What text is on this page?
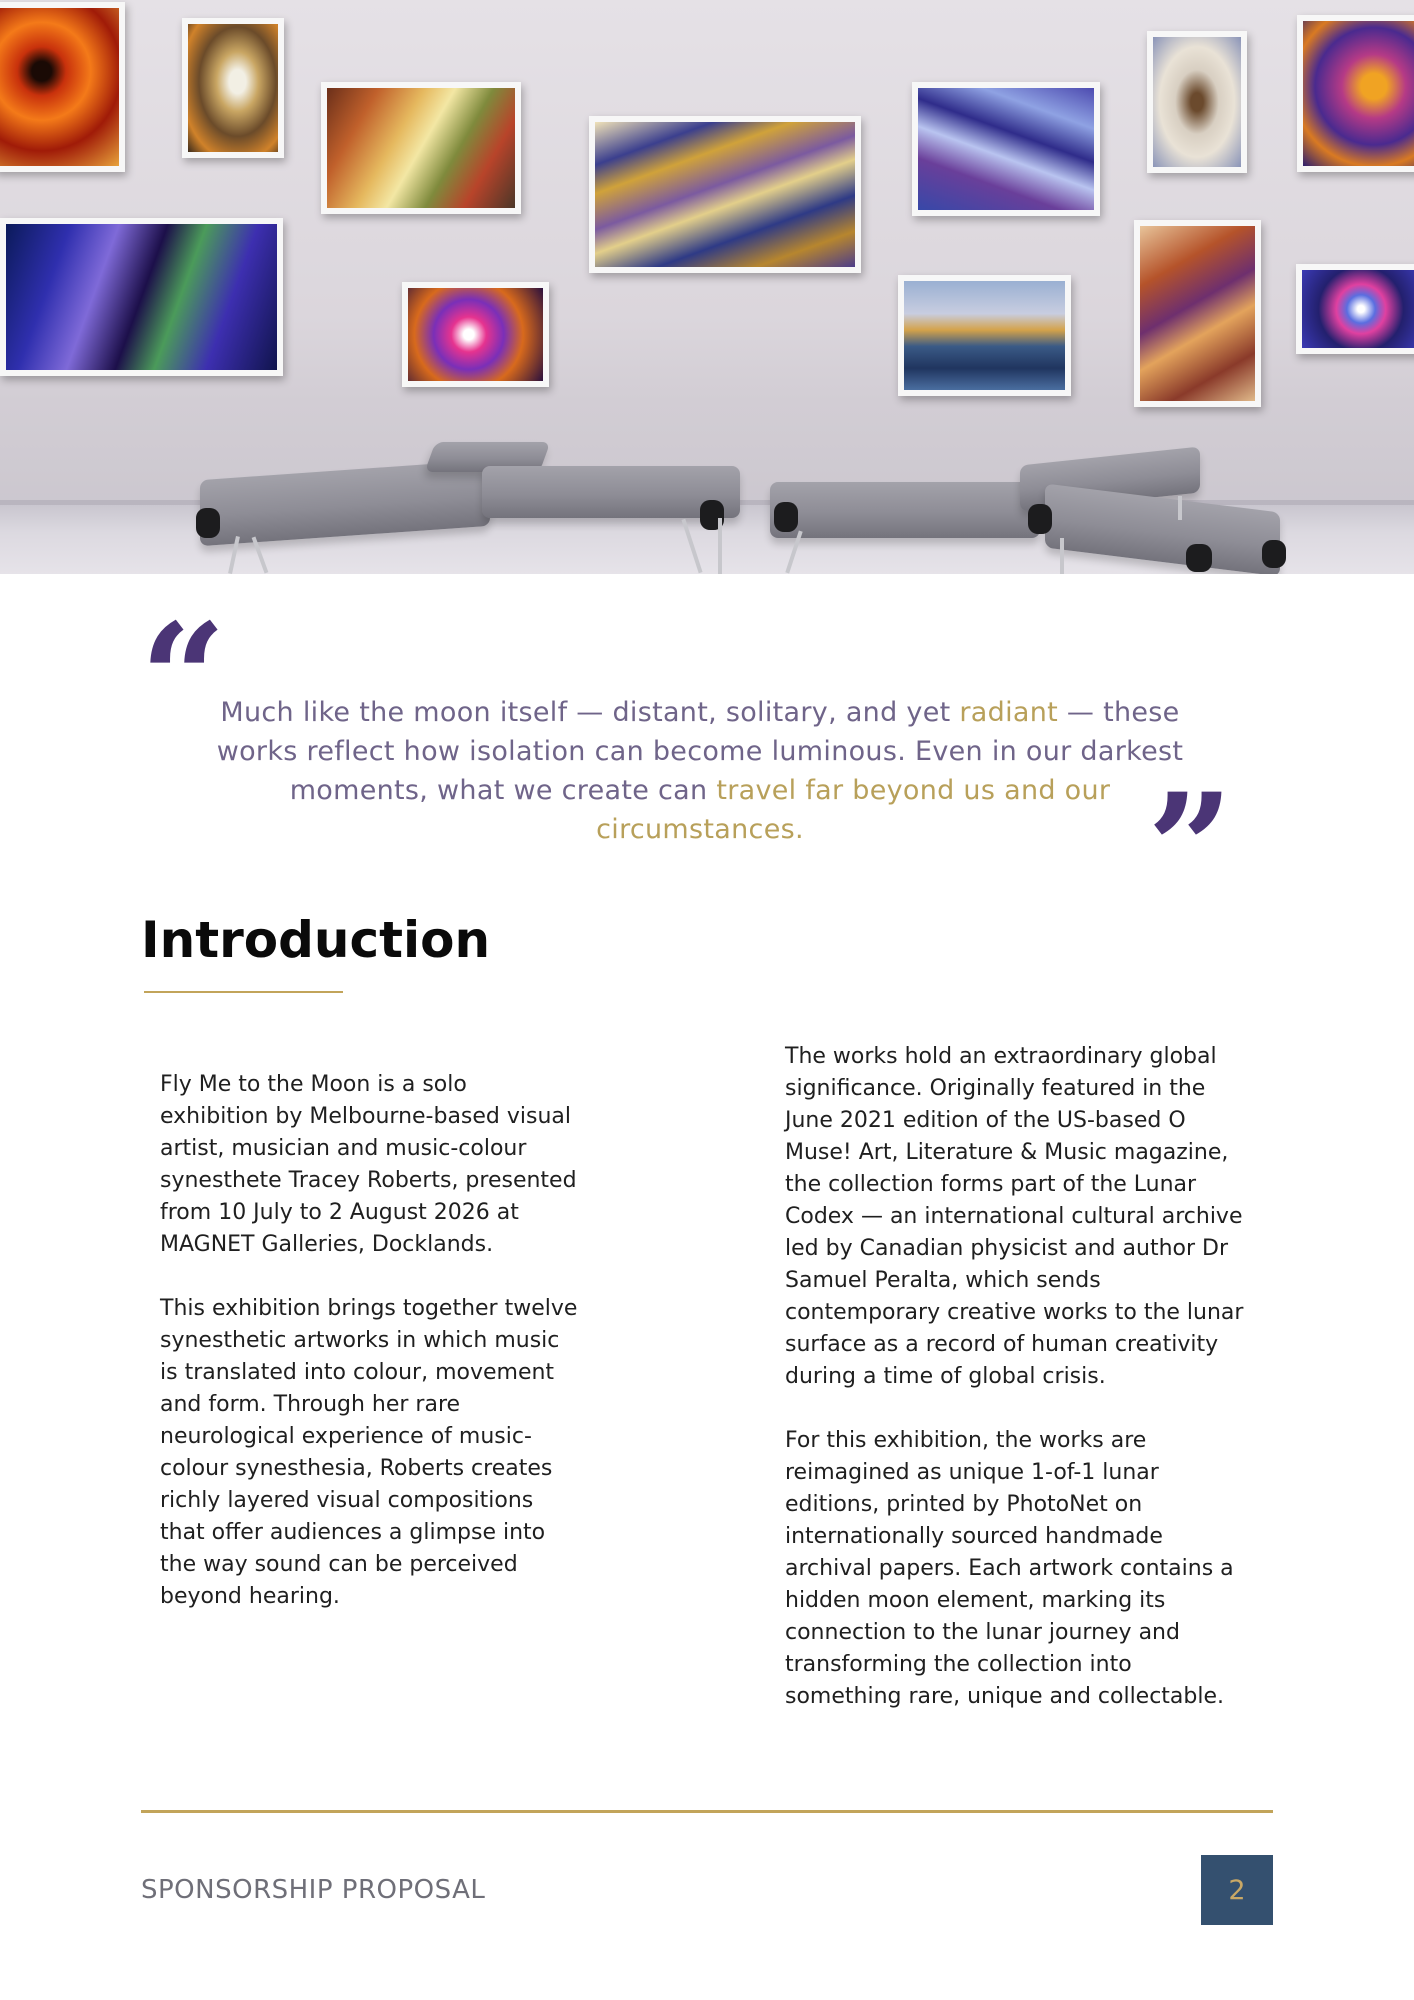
“

Much like the moon itself — distant, solitary, and yet radiant — these works reflect how isolation can become luminous. Even in our darkest moments, what we create can travel far beyond us and our circumstances.	”
Introduction

Fly Me to the Moon is a solo exhibition by Melbourne-based visual artist, musician and music-colour synesthete Tracey Roberts, presented from 10 July to 2 August 2026 at MAGNET Galleries, Docklands.

This exhibition brings together twelve synesthetic artworks in which music is translated into colour, movement and form. Through her rare neurological experience of music-colour synesthesia, Roberts creates richly layered visual compositions that offer audiences a glimpse into the way sound can be perceived beyond hearing.

The works hold an extraordinary global significance. Originally featured in the June 2021 edition of the US-based O Muse! Art, Literature & Music magazine, the collection forms part of the Lunar Codex — an international cultural archive led by Canadian physicist and author Dr Samuel Peralta, which sends contemporary creative works to the lunar surface as a record of human creativity during a time of global crisis.

For this exhibition, the works are reimagined as unique 1-of-1 lunar editions, printed by PhotoNet on internationally sourced handmade archival papers. Each artwork contains a hidden moon element, marking its connection to the lunar journey and transforming the collection into something rare, unique and collectable.

SPONSORSHIP PROPOSAL	2
